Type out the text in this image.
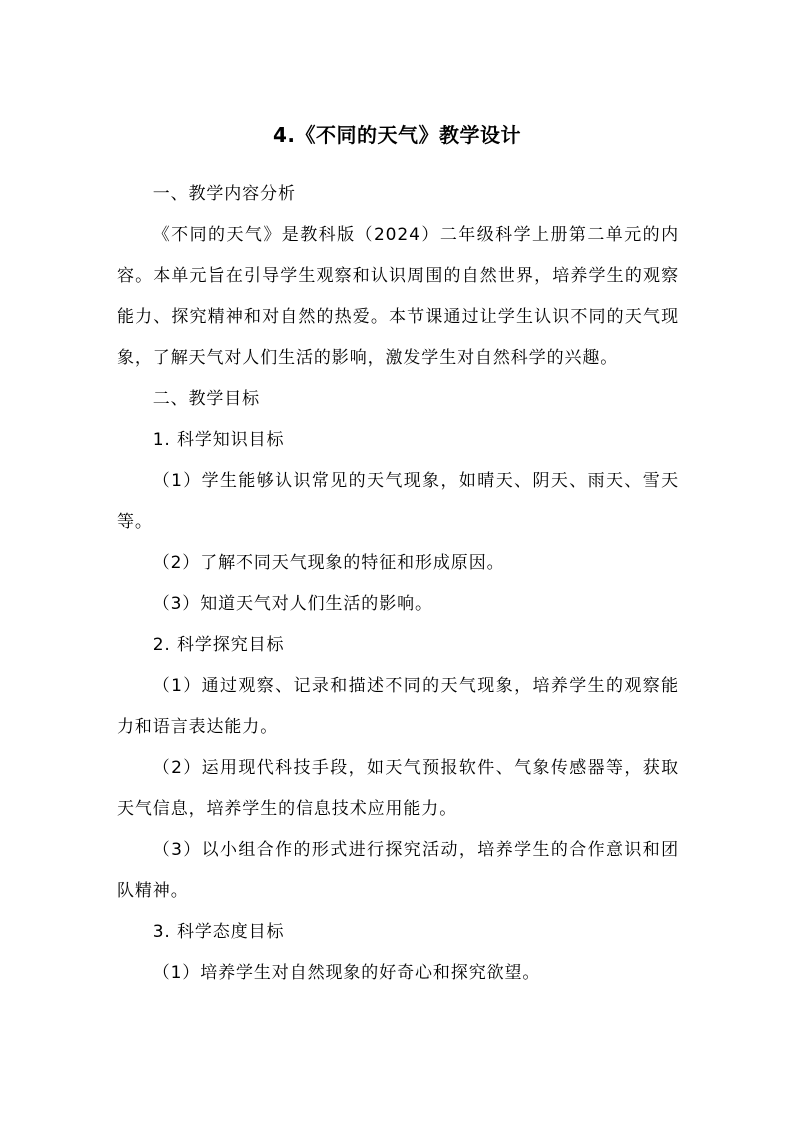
4.《不同的天气》教学设计

一、教学内容分析

《不同的天气》是教科版（2024）二年级科学上册第二单元的内容。本单元旨在引导学生观察和认识周围的自然世界，培养学生的观察能力、探究精神和对自然的热爱。本节课通过让学生认识不同的天气现象，了解天气对人们生活的影响，激发学生对自然科学的兴趣。

二、教学目标

1. 科学知识目标

（1）学生能够认识常见的天气现象，如晴天、阴天、雨天、雪天等。

（2）了解不同天气现象的特征和形成原因。

（3）知道天气对人们生活的影响。

2. 科学探究目标

（1）通过观察、记录和描述不同的天气现象，培养学生的观察能力和语言表达能力。

（2）运用现代科技手段，如天气预报软件、气象传感器等，获取天气信息，培养学生的信息技术应用能力。

（3）以小组合作的形式进行探究活动，培养学生的合作意识和团队精神。

3. 科学态度目标

（1）培养学生对自然现象的好奇心和探究欲望。
